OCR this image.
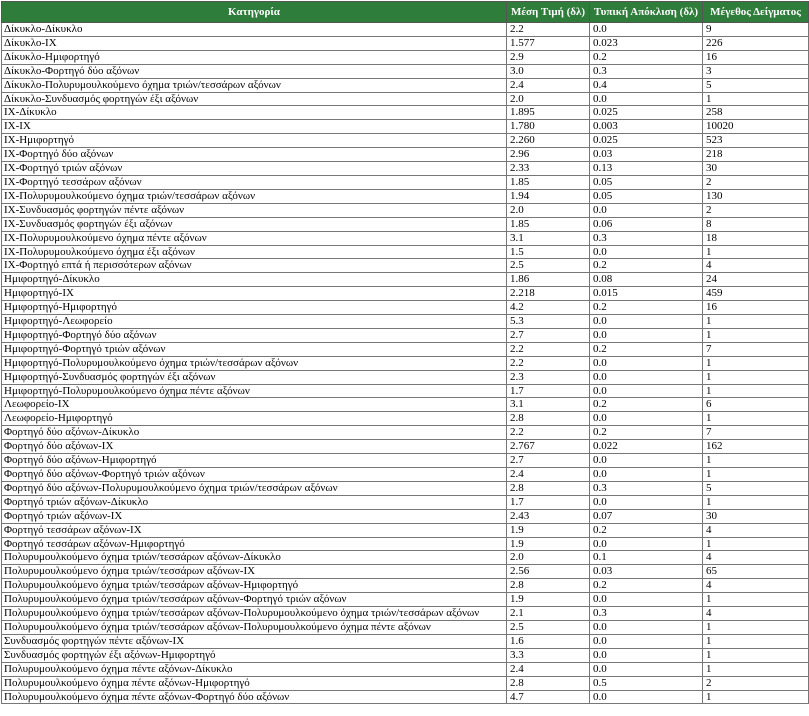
Κατηγορία	Μέση Τιμή (δλ)	Τυπική Απόκλιση (δλ)	Μέγεθος Δείγματος
Δίκυκλο-Δίκυκλο	2.2	0.0	9
Δίκυκλο-IX	1.577	0.023	226
Δίκυκλο-Ημιφορτηγό	2.9	0.2	16
Δίκυκλο-Φορτηγό δύο αξόνων	3.0	0.3	3
Δίκυκλο-Πολυρυμουλκούμενο όχημα τριών/τεσσάρων αξόνων	2.4	0.4	5
Δίκυκλο-Συνδυασμός φορτηγών έξι αξόνων	2.0	0.0	1
IX-Δίκυκλο	1.895	0.025	258
IX-IX	1.780	0.003	10020
IX-Ημιφορτηγό	2.260	0.025	523
IX-Φορτηγό δύο αξόνων	2.96	0.03	218
IX-Φορτηγό τριών αξόνων	2.33	0.13	30
IX-Φορτηγό τεσσάρων αξόνων	1.85	0.05	2
IX-Πολυρυμουλκούμενο όχημα τριών/τεσσάρων αξόνων	1.94	0.05	130
IX-Συνδυασμός φορτηγών πέντε αξόνων	2.0	0.0	2
IX-Συνδυασμός φορτηγών έξι αξόνων	1.85	0.06	8
IX-Πολυρυμουλκούμενο όχημα πέντε αξόνων	3.1	0.3	18
IX-Πολυρυμουλκούμενο όχημα έξι αξόνων	1.5	0.0	1
IX-Φορτηγό επτά ή περισσότερων αξόνων	2.5	0.2	4
Ημιφορτηγό-Δίκυκλο	1.86	0.08	24
Ημιφορτηγό-IX	2.218	0.015	459
Ημιφορτηγό-Ημιφορτηγό	4.2	0.2	16
Ημιφορτηγό-Λεωφορείο	5.3	0.0	1
Ημιφορτηγό-Φορτηγό δύο αξόνων	2.7	0.0	1
Ημιφορτηγό-Φορτηγό τριών αξόνων	2.2	0.2	7
Ημιφορτηγό-Πολυρυμουλκούμενο όχημα τριών/τεσσάρων αξόνων	2.2	0.0	1
Ημιφορτηγό-Συνδυασμός φορτηγών έξι αξόνων	2.3	0.0	1
Ημιφορτηγό-Πολυρυμουλκούμενο όχημα πέντε αξόνων	1.7	0.0	1
Λεωφορείο-IX	3.1	0.2	6
Λεωφορείο-Ημιφορτηγό	2.8	0.0	1
Φορτηγό δύο αξόνων-Δίκυκλο	2.2	0.2	7
Φορτηγό δύο αξόνων-IX	2.767	0.022	162
Φορτηγό δύο αξόνων-Ημιφορτηγό	2.7	0.0	1
Φορτηγό δύο αξόνων-Φορτηγό τριών αξόνων	2.4	0.0	1
Φορτηγό δύο αξόνων-Πολυρυμουλκούμενο όχημα τριών/τεσσάρων αξόνων	2.8	0.3	5
Φορτηγό τριών αξόνων-Δίκυκλο	1.7	0.0	1
Φορτηγό τριών αξόνων-IX	2.43	0.07	30
Φορτηγό τεσσάρων αξόνων-IX	1.9	0.2	4
Φορτηγό τεσσάρων αξόνων-Ημιφορτηγό	1.9	0.0	1
Πολυρυμουλκούμενο όχημα τριών/τεσσάρων αξόνων-Δίκυκλο	2.0	0.1	4
Πολυρυμουλκούμενο όχημα τριών/τεσσάρων αξόνων-IX	2.56	0.03	65
Πολυρυμουλκούμενο όχημα τριών/τεσσάρων αξόνων-Ημιφορτηγό	2.8	0.2	4
Πολυρυμουλκούμενο όχημα τριών/τεσσάρων αξόνων-Φορτηγό τριών αξόνων	1.9	0.0	1
Πολυρυμουλκούμενο όχημα τριών/τεσσάρων αξόνων-Πολυρυμουλκούμενο όχημα τριών/τεσσάρων αξόνων	2.1	0.3	4
Πολυρυμουλκούμενο όχημα τριών/τεσσάρων αξόνων-Πολυρυμουλκούμενο όχημα πέντε αξόνων	2.5	0.0	1
Συνδυασμός φορτηγών πέντε αξόνων-IX	1.6	0.0	1
Συνδυασμός φορτηγών έξι αξόνων-Ημιφορτηγό	3.3	0.0	1
Πολυρυμουλκούμενο όχημα πέντε αξόνων-Δίκυκλο	2.4	0.0	1
Πολυρυμουλκούμενο όχημα πέντε αξόνων-Ημιφορτηγό	2.8	0.5	2
Πολυρυμουλκούμενο όχημα πέντε αξόνων-Φορτηγό δύο αξόνων	4.7	0.0	1
